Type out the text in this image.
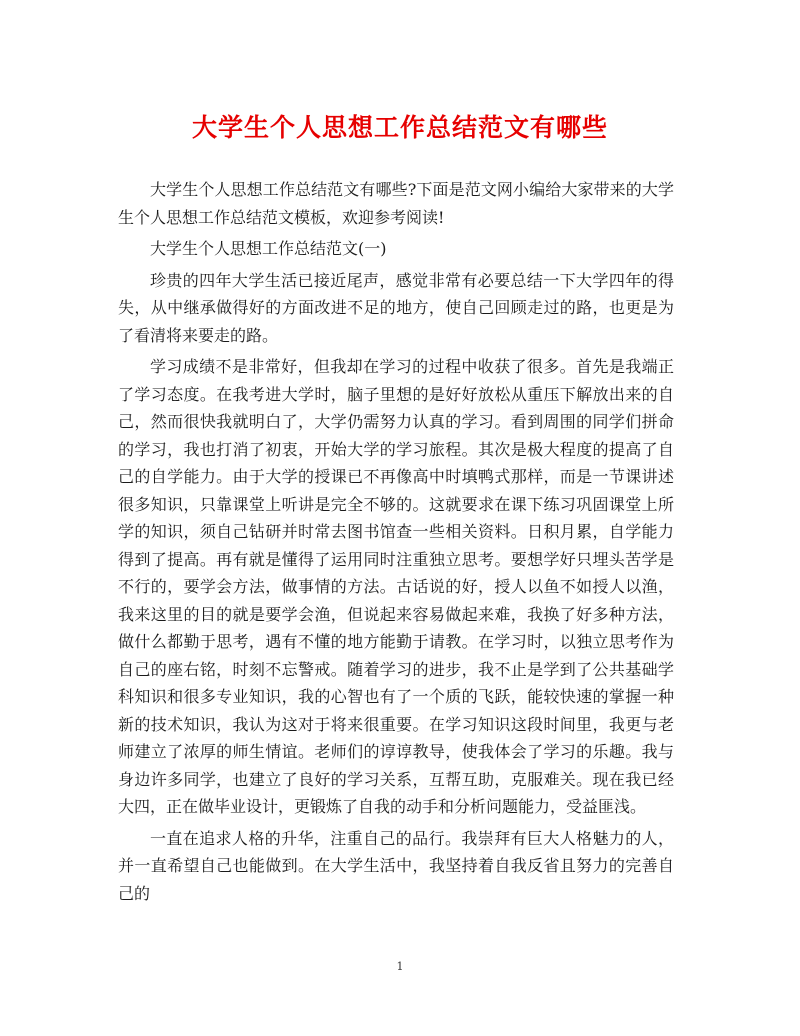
大学生个人思想工作总结范文有哪些

大学生个人思想工作总结范文有哪些?下面是范文网小编给大家带来的大学生个人思想工作总结范文模板，欢迎参考阅读!

大学生个人思想工作总结范文(一)

珍贵的四年大学生活已接近尾声，感觉非常有必要总结一下大学四年的得失，从中继承做得好的方面改进不足的地方，使自己回顾走过的路，也更是为了看清将来要走的路。

学习成绩不是非常好，但我却在学习的过程中收获了很多。首先是我端正了学习态度。在我考进大学时，脑子里想的是好好放松从重压下解放出来的自己，然而很快我就明白了，大学仍需努力认真的学习。看到周围的同学们拼命的学习，我也打消了初衷，开始大学的学习旅程。其次是极大程度的提高了自己的自学能力。由于大学的授课已不再像高中时填鸭式那样，而是一节课讲述很多知识，只靠课堂上听讲是完全不够的。这就要求在课下练习巩固课堂上所学的知识，须自己钻研并时常去图书馆查一些相关资料。日积月累，自学能力得到了提高。再有就是懂得了运用同时注重独立思考。要想学好只埋头苦学是不行的，要学会方法，做事情的方法。古话说的好，授人以鱼不如授人以渔，我来这里的目的就是要学会渔，但说起来容易做起来难，我换了好多种方法，做什么都勤于思考，遇有不懂的地方能勤于请教。在学习时，以独立思考作为自己的座右铭，时刻不忘警戒。随着学习的进步，我不止是学到了公共基础学科知识和很多专业知识，我的心智也有了一个质的飞跃，能较快速的掌握一种新的技术知识，我认为这对于将来很重要。在学习知识这段时间里，我更与老师建立了浓厚的师生情谊。老师们的谆谆教导，使我体会了学习的乐趣。我与身边许多同学，也建立了良好的学习关系，互帮互助，克服难关。现在我已经大四，正在做毕业设计，更锻炼了自我的动手和分析问题能力，受益匪浅。

一直在追求人格的升华，注重自己的品行。我崇拜有巨大人格魅力的人，并一直希望自己也能做到。在大学生活中，我坚持着自我反省且努力的完善自己的

1
